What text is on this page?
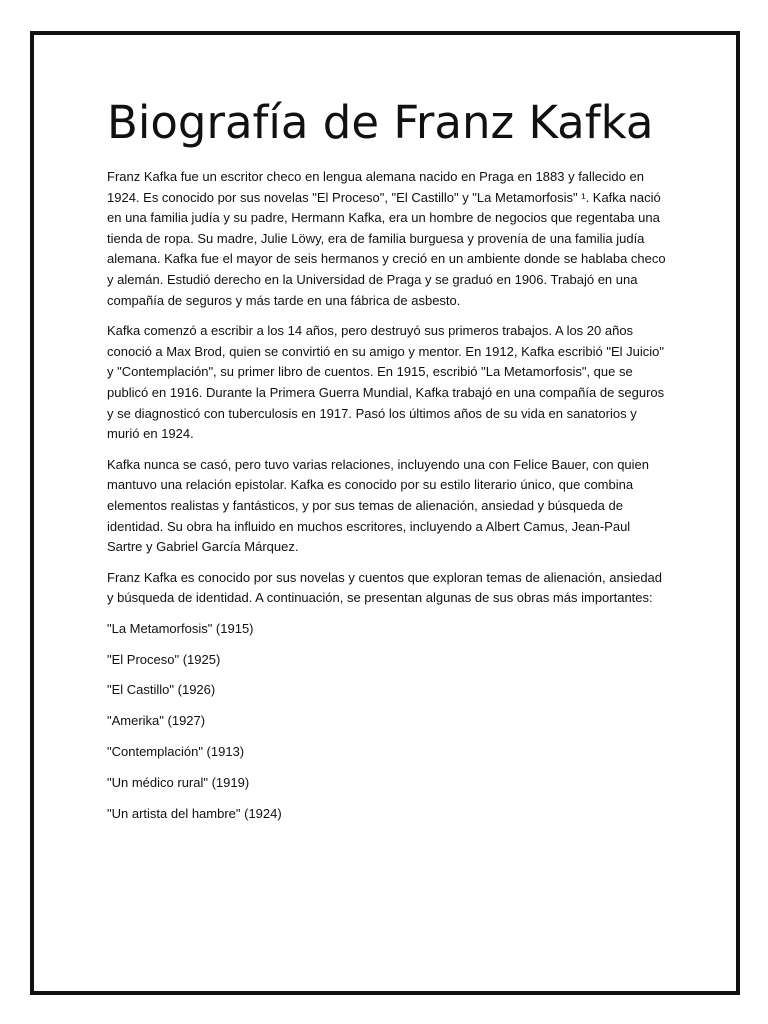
Biografía de Franz Kafka

Franz Kafka fue un escritor checo en lengua alemana nacido en Praga en 1883 y fallecido en 1924. Es conocido por sus novelas "El Proceso", "El Castillo" y "La Metamorfosis" ¹. Kafka nació en una familia judía y su padre, Hermann Kafka, era un hombre de negocios que regentaba una tienda de ropa. Su madre, Julie Löwy, era de familia burguesa y provenía de una familia judía alemana. Kafka fue el mayor de seis hermanos y creció en un ambiente donde se hablaba checo y alemán. Estudió derecho en la Universidad de Praga y se graduó en 1906. Trabajó en una compañía de seguros y más tarde en una fábrica de asbesto.

Kafka comenzó a escribir a los 14 años, pero destruyó sus primeros trabajos. A los 20 años conoció a Max Brod, quien se convirtió en su amigo y mentor. En 1912, Kafka escribió "El Juicio" y "Contemplación", su primer libro de cuentos. En 1915, escribió "La Metamorfosis", que se publicó en 1916. Durante la Primera Guerra Mundial, Kafka trabajó en una compañía de seguros y se diagnosticó con tuberculosis en 1917. Pasó los últimos años de su vida en sanatorios y murió en 1924.

Kafka nunca se casó, pero tuvo varias relaciones, incluyendo una con Felice Bauer, con quien mantuvo una relación epistolar. Kafka es conocido por su estilo literario único, que combina elementos realistas y fantásticos, y por sus temas de alienación, ansiedad y búsqueda de identidad. Su obra ha influido en muchos escritores, incluyendo a Albert Camus, Jean-Paul Sartre y Gabriel García Márquez.

Franz Kafka es conocido por sus novelas y cuentos que exploran temas de alienación, ansiedad y búsqueda de identidad. A continuación, se presentan algunas de sus obras más importantes:

"La Metamorfosis" (1915)
"El Proceso" (1925)
"El Castillo" (1926)
"Amerika" (1927)
"Contemplación" (1913)
"Un médico rural" (1919)
"Un artista del hambre" (1924)
